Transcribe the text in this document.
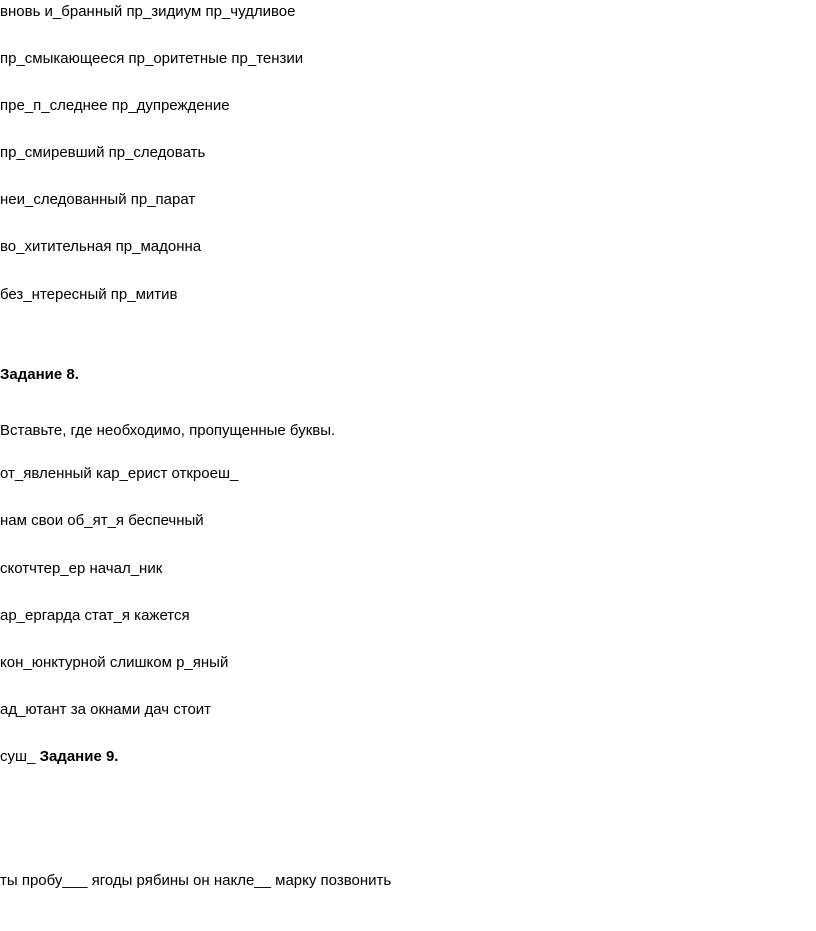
вновь и_бранный пр_зидиум пр_чудливое
пр_смыкающееся пр_оритетные пр_тензии
пре_п_следнее пр_дупреждение
пр_смиревший пр_следовать
неи_следованный пр_парат
во_хитительная пр_мадонна
без_нтересный пр_митив
Задание 8.
Вставьте, где необходимо, пропущенные буквы.
от_явленный кар_ерист откроеш_
нам свои об_ят_я беспечный
скотчтер_ер начал_ник
ар_ергарда стат_я кажется
кон_юнктурной слишком р_яный
ад_ютант за окнами дач стоит
суш_ Задание 9.
ты пробу___ ягоды рябины он накле__ марку позвонить
